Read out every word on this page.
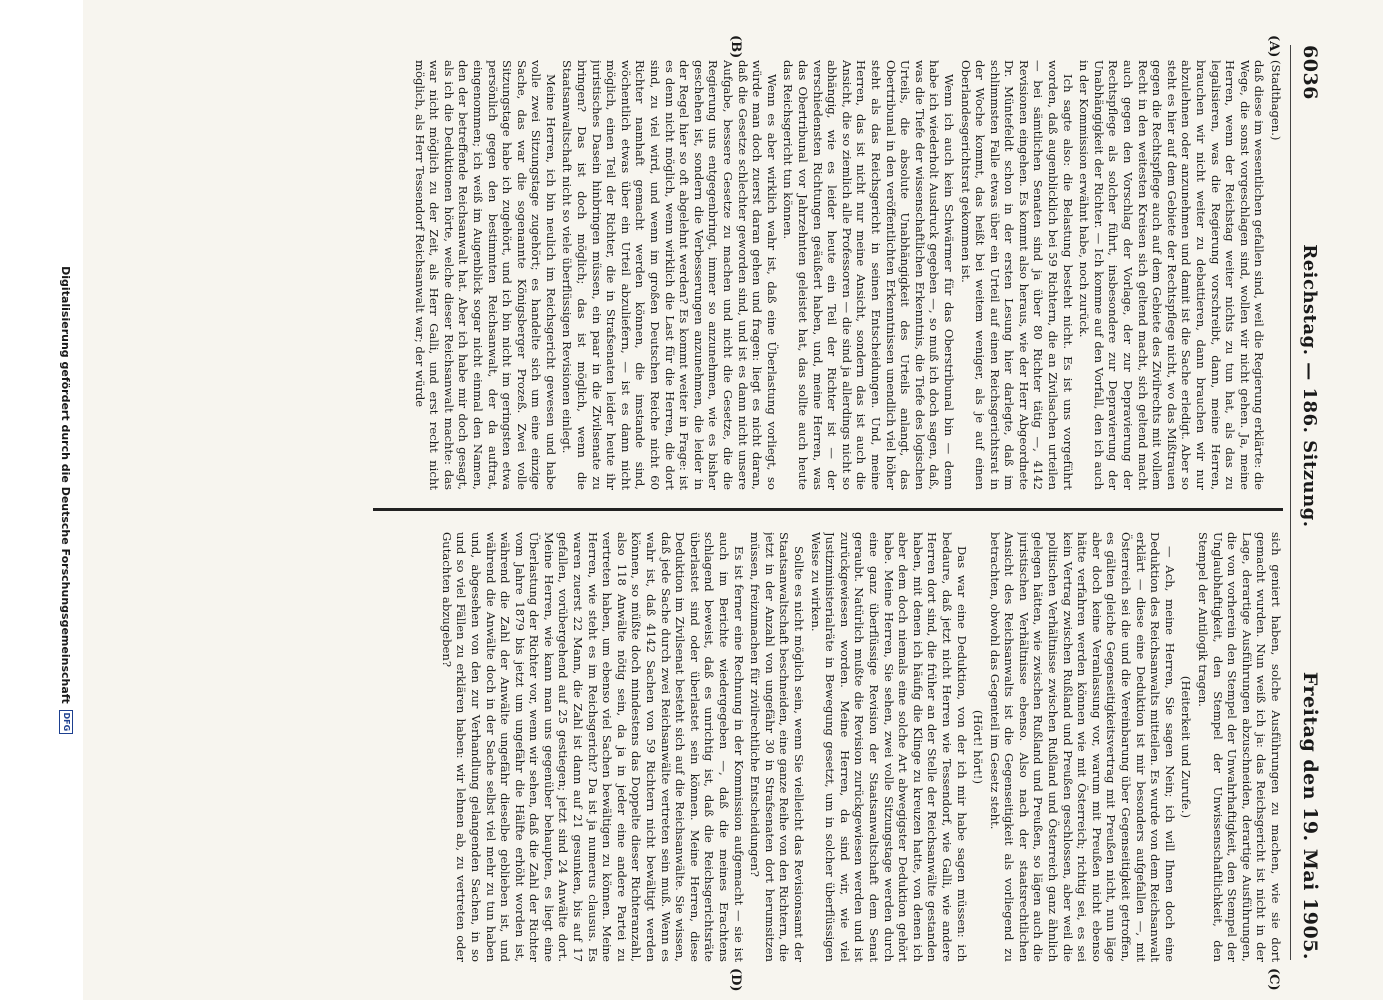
6036
Reichstag. — 186. Sitzung.
Freitag den 19. Mai 1905.
(A)
(B)
(C)
(D)

(Stadthagen.)

daß diese im wesentlichen gefallen sind, weil die Regierung erklärte: die Wege, die sonst vorgeschlagen sind, wollen wir nicht gehen. Ja, meine Herren, wenn der Reichstag weiter nichts zu tun hat, als das zu legalisieren, was die Regierung vorschreibt, dann, meine Herren, brauchen wir nicht weiter zu debattieren, dann brauchen wir nur abzulehnen oder anzunehmen und damit ist die Sache erledigt. Aber so steht es hier auf dem Gebiete der Rechtspflege nicht, wo das Mißtrauen gegen die Rechtspflege auch auf dem Gebiete des Zivilrechts mit vollem Recht in den weitesten Kreisen sich geltend macht, sich geltend macht auch gegen den Vorschlag der Vorlage, der zur Depravierung der Rechtspflege als solcher führt, insbesondere zur Depravierung der Unabhängigkeit der Richter. — Ich komme auf den Vorfall, den ich auch in der Kommission erwähnt habe, noch zurück.

Ich sagte also: die Belastung besteht nicht. Es ist uns vorgeführt worden, daß augenblicklich bei 59 Richtern, die an Zivilsachen urteilen — bei sämtlichen Senaten sind ja über 80 Richter tätig —, 4142 Revisionen eingehen. Es kommt also heraus, wie der Herr Abgeordnete Dr. Müntefeldt schon in der ersten Lesung hier darlegte, daß im schlimmsten Falle etwas über ein Urteil auf einen Reichsgerichtsrat in der Woche kommt, das heißt bei weitem weniger, als je auf einen Oberlandesgerichtsrat gekommen ist.

Wenn ich auch kein Schwärmer für das Oberstribunal bin — denn habe ich wiederholt Ausdruck gegeben —, so muß ich doch sagen, daß, was die Tiefe der wissenschaftlichen Erkenntnis, die Tiefe des logischen Urteils, die absolute Unabhängigkeit des Urteils anlangt, das Obertribunal in den veröffentlichten Erkenntnissen unendlich viel höher steht als das Reichsgericht in seinen Entscheidungen. Und, meine Herren, das ist nicht nur meine Ansicht, sondern das ist auch die Ansicht, die so ziemlich alle Professoren — die sind ja allerdings nicht so abhängig, wie es leider heute ein Teil der Richter ist — der verschiedensten Richtungen geäußert haben, und, meine Herren, was das Obertribunal vor Jahrzehnten geleistet hat, das sollte auch heute das Reichsgericht tun können.

Wenn es aber wirklich wahr ist, daß eine Überlastung vorliegt, so würde man doch zuerst daran gehen und fragen: liegt es nicht daran, daß die Gesetze schlechter geworden sind, und ist es dann nicht unsere Aufgabe, bessere Gesetze zu machen und nicht die Gesetze, die die Regierung uns entgegenbringt, immer so anzunehmen, wie es bisher geschehen ist, sondern die Verbesserungen anzunehmen, die leider in der Regel hier so oft abgelehnt werden? Es kommt weiter in Frage: ist es denn nicht möglich, wenn wirklich die Last für die Herren, die dort sind, zu viel wird, und wenn im großen Deutschen Reiche nicht 60 Richter namhaft gemacht werden können, die imstande sind, wöchentlich etwas über ein Urteil abzuliefern, — ist es dann nicht möglich, einen Teil der Richter, die in Strafsenaten leider heute ihr juristisches Dasein hinbringen müssen, ein paar in die Zivilsenate zu bringen? Das ist doch möglich; das ist möglich, wenn die Staatsanwaltschaft nicht so viele überflüssigen Revisionen einlegt.

Meine Herren, ich bin neulich im Reichsgericht gewesen und habe volle zwei Sitzungstage zugehört; es handelte sich um eine einzige Sache, das war die sogenannte Königsberger Prozeß. Zwei volle Sitzungstage habe ich zugehört, und ich bin nicht im geringsten etwa persönlich gegen den bestimmten Reichsanwalt, der da auftrat, eingenommen; ich weiß im Augenblick sogar nicht einmal den Namen, den der betreffende Reichsanwalt hat. Aber ich habe mir doch gesagt, als ich die Deduktionen hörte, welche dieser Reichsanwalt machte: das war nicht möglich zu der Zeit, als Herr Galli, und erst recht nicht möglich, als Herr Tessendorf Reichsanwalt war; der würde

sich geniert haben, solche Ausführungen zu machen, wie sie dort gemacht wurden. Nun weiß ich ja: das Reichsgericht ist nicht in der Lage, derartige Ausführungen abzuschneiden, derartige Ausführungen, die von vorherein den Stempel der Unwahrhaftigkeit, den Stempel der Unglaubhaftigkeit, den Stempel der Unwissenschaftlichkeit, den Stempel der Antilogik tragen.

(Heiterkeit und Zurufe.)

— Ach, meine Herren, Sie sagen Nein; ich will Ihnen doch eine Deduktion des Reichsanwalts mitteilen. Es wurde von dem Reichsanwalt erklärt — diese eine Deduktion ist mir besonders aufgefallen —, mit Österreich sei die und die Vereinbarung über Gegenseitigkeit getroffen, es gälten gleiche Gegenseitigkeitsvertrag mit Preußen nicht, nun läge aber doch keine Veranlassung vor, warum mit Preußen nicht ebenso hätte verfahren werden können wie mit Österreich; richtig sei, es sei kein Vertrag zwischen Rußland und Preußen geschlossen, aber weil die politischen Verhältnisse zwischen Rußland und Österreich ganz ähnlich gelegen hätten, wie zwischen Rußland und Preußen, so lägen auch die juristischen Verhältnisse ebenso. Also nach der staatsrechtlichen Ansicht des Reichsanwalts ist die Gegenseitigkeit als vorliegend zu betrachten, obwohl das Gegenteil im Gesetz steht.

(Hört! hört!)

Das war eine Deduktion, von der ich mir habe sagen müssen: ich bedaure, daß jetzt nicht Herren wie Tessendorf, wie Galli, wie andere Herren dort sind, die früher an der Stelle der Reichsanwälte gestanden haben, mit denen ich häufig die Klinge zu kreuzen hatte, von denen ich aber dem doch niemals eine solche Art abwegigster Deduktion gehört habe. Meine Herren, Sie sehen, zwei volle Sitzungstage werden durch eine ganz überflüssige Revision der Staatsanwaltschaft dem Senat geraubt. Natürlich mußte die Revision zurückgewiesen werden und ist zurückgewiesen worden. Meine Herren, da sind wir, wie viel Justizministerialräte in Bewegung gesetzt, um in solcher überflüssigen Weise zu wirken.

Sollte es nicht möglich sein, wenn Sie vielleicht das Revisionsamt der Staatsanwaltschaft beschneiden, eine ganze Reihe von den Richtern, die jetzt in der Anzahl von ungefähr 30 in Strafsenaten dort herumsitzen müssen, freizumachen für zivilrechtliche Entscheidungen?

Es ist ferner eine Rechnung in der Kommission aufgemacht — sie ist auch im Berichte wiedergegeben —, daß die meines Erachtens schlagend beweist, daß es unrichtig ist, daß die Reichsgerichtsräte überlastet sind oder überlastet sein können. Meine Herren, diese Deduktion im Zivilsenat besteht sich auf die Reichsanwälte. Sie wissen, daß jede Sache durch zwei Reichsanwälte vertreten sein muß. Wenn es wahr ist, daß 4142 Sachen von 59 Richtern nicht bewältigt werden können, so müßte doch mindestens das Doppelte dieser Richteranzahl, also 118 Anwälte nötig sein, da ja in jeder eine andere Partei zu vertreten haben, um ebenso viel Sachen bewältigen zu können. Meine Herren, wie steht es im Reichsgericht? Da ist ja numerus clausus. Es waren zuerst 22 Mann, die Zahl ist dann auf 21 gesunken, bis auf 17 gefallen, vorübergehend auf 25 gestiegen; jetzt sind 24 Anwälte dort. Meine Herren, wie kann man uns gegenüber behaupten, es liegt eine Überlastung der Richter vor, wenn wir sehen, daß die Zahl der Richter vom Jahre 1879 bis jetzt um ungefähr die Hälfte erhöht worden ist, während die Zahl der Anwälte ungefähr dieselbe geblieben ist, und während die Anwälte doch in der Sache selbst viel mehr zu tun haben und, abgesehen von den zur Verhandlung gelangenden Sachen, in so und so viel Fällen zu erklären haben: wir lehnen ab, zu vertreten oder Gutachten abzugeben?

Digitalisierung gefördert durch die Deutsche Forschungsgemeinschaft
DFG
